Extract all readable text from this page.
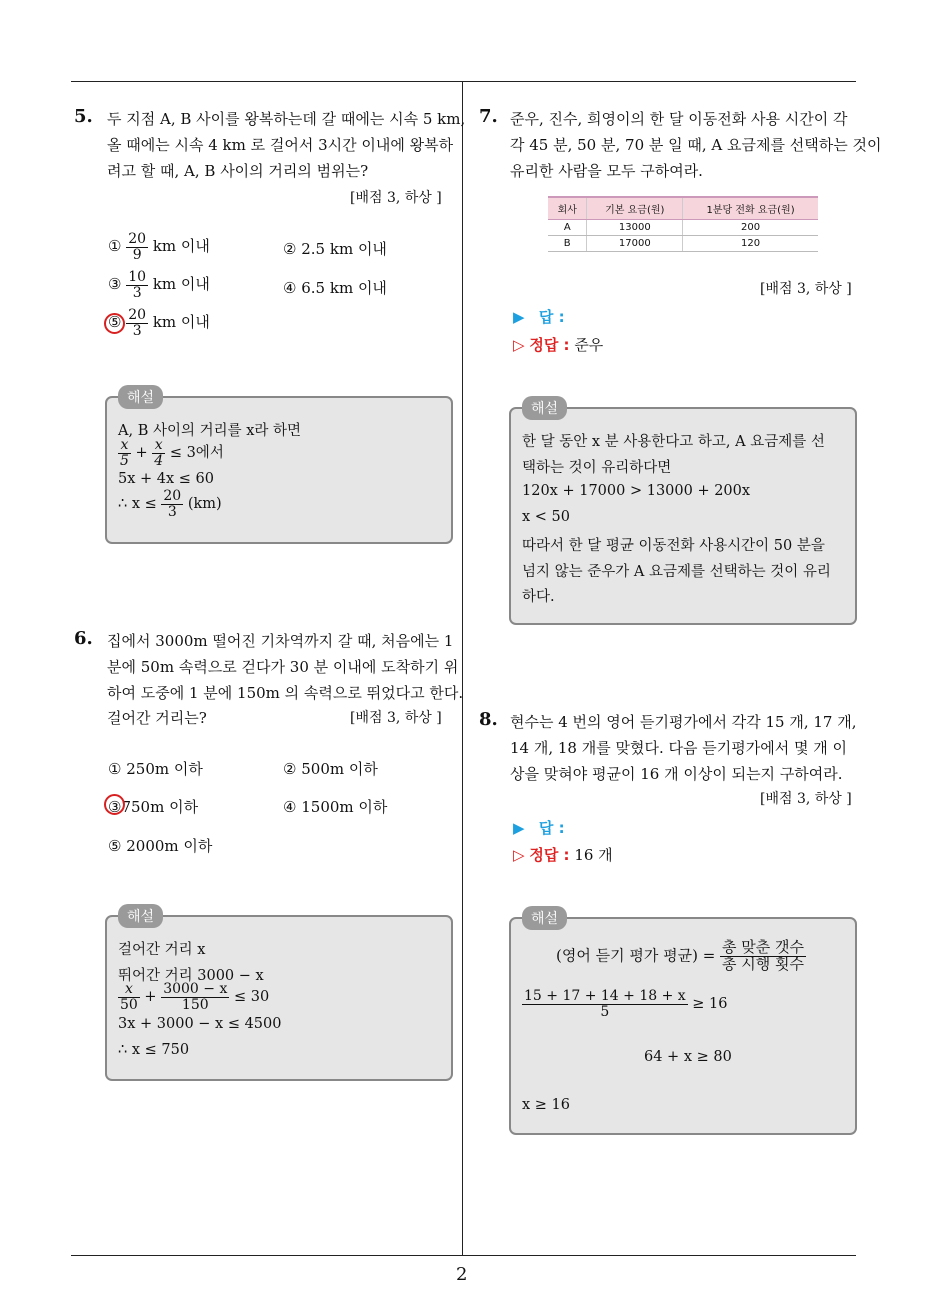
2
5. 두 지점 A, B 사이를 왕복하는데 갈 때에는 시속 5 km,
올 때에는 시속 4 km 로 걸어서 3시간 이내에 왕복하
려고 할 때, A, B 사이의 거리의 범위는?
[배점 3, 하상 ]
① $\frac{20}{9}$ km 이내	② 2.5 km 이내
③ $\frac{10}{3}$ km 이내	④ 6.5 km 이내
⑤ $\frac{20}{3}$ km 이내
해설
A, B 사이의 거리를 x라 하면
$\frac{x}{5} + \frac{x}{4} \le 3$에서
5x + 4x ≤ 60
∴ $x \le \frac{20}{3} (km)$
6. 집에서 3000m 떨어진 기차역까지 갈 때, 처음에는 1
분에 50m 속력으로 걷다가 30 분 이내에 도착하기 위
하여 도중에 1 분에 150m 의 속력으로 뛰었다고 한다.
걸어간 거리는?	[배점 3, 하상 ]
① 250m 이하	② 500m 이하
③750m 이하	④ 1500m 이하
⑤ 2000m 이하
해설
걸어간 거리 x
뛰어간 거리 3000 − x
$\frac{x}{50} + \frac{3000 - x}{150} \le 30$
3x + 3000 − x ≤ 4500
∴ x ≤ 750
7. 준우, 진수, 희영이의 한 달 이동전화 사용 시간이 각
각 45 분, 50 분, 70 분 일 때, A 요금제를 선택하는 것이
유리한 사람을 모두 구하여라.
회사	기본 요금(원)	1분당 전화 요금(원)
A	13000	200
B	17000	120
[배점 3, 하상 ]
▶ 답 :
▷ 정답 : 준우
해설
한 달 동안 x 분 사용한다고 하고, A 요금제를 선
택하는 것이 유리하다면
120x + 17000 > 13000 + 200x
x < 50
따라서 한 달 평균 이동전화 사용시간이 50 분을
넘지 않는 준우가 A 요금제를 선택하는 것이 유리
하다.
8. 현수는 4 번의 영어 듣기평가에서 각각 15 개, 17 개,
14 개, 18 개를 맞혔다. 다음 듣기평가에서 몇 개 이
상을 맞혀야 평균이 16 개 이상이 되는지 구하여라.
[배점 3, 하상 ]
▶ 답 :
▷ 정답 : 16 개
해설
(영어 듣기 평가 평균) = $\frac{\text{총 맞춘 갯수}}{\text{총 시행 횟수}}$
$\frac{15 + 17 + 14 + 18 + x}{5} \ge 16$
64 + x ≥ 80
x ≥ 16
